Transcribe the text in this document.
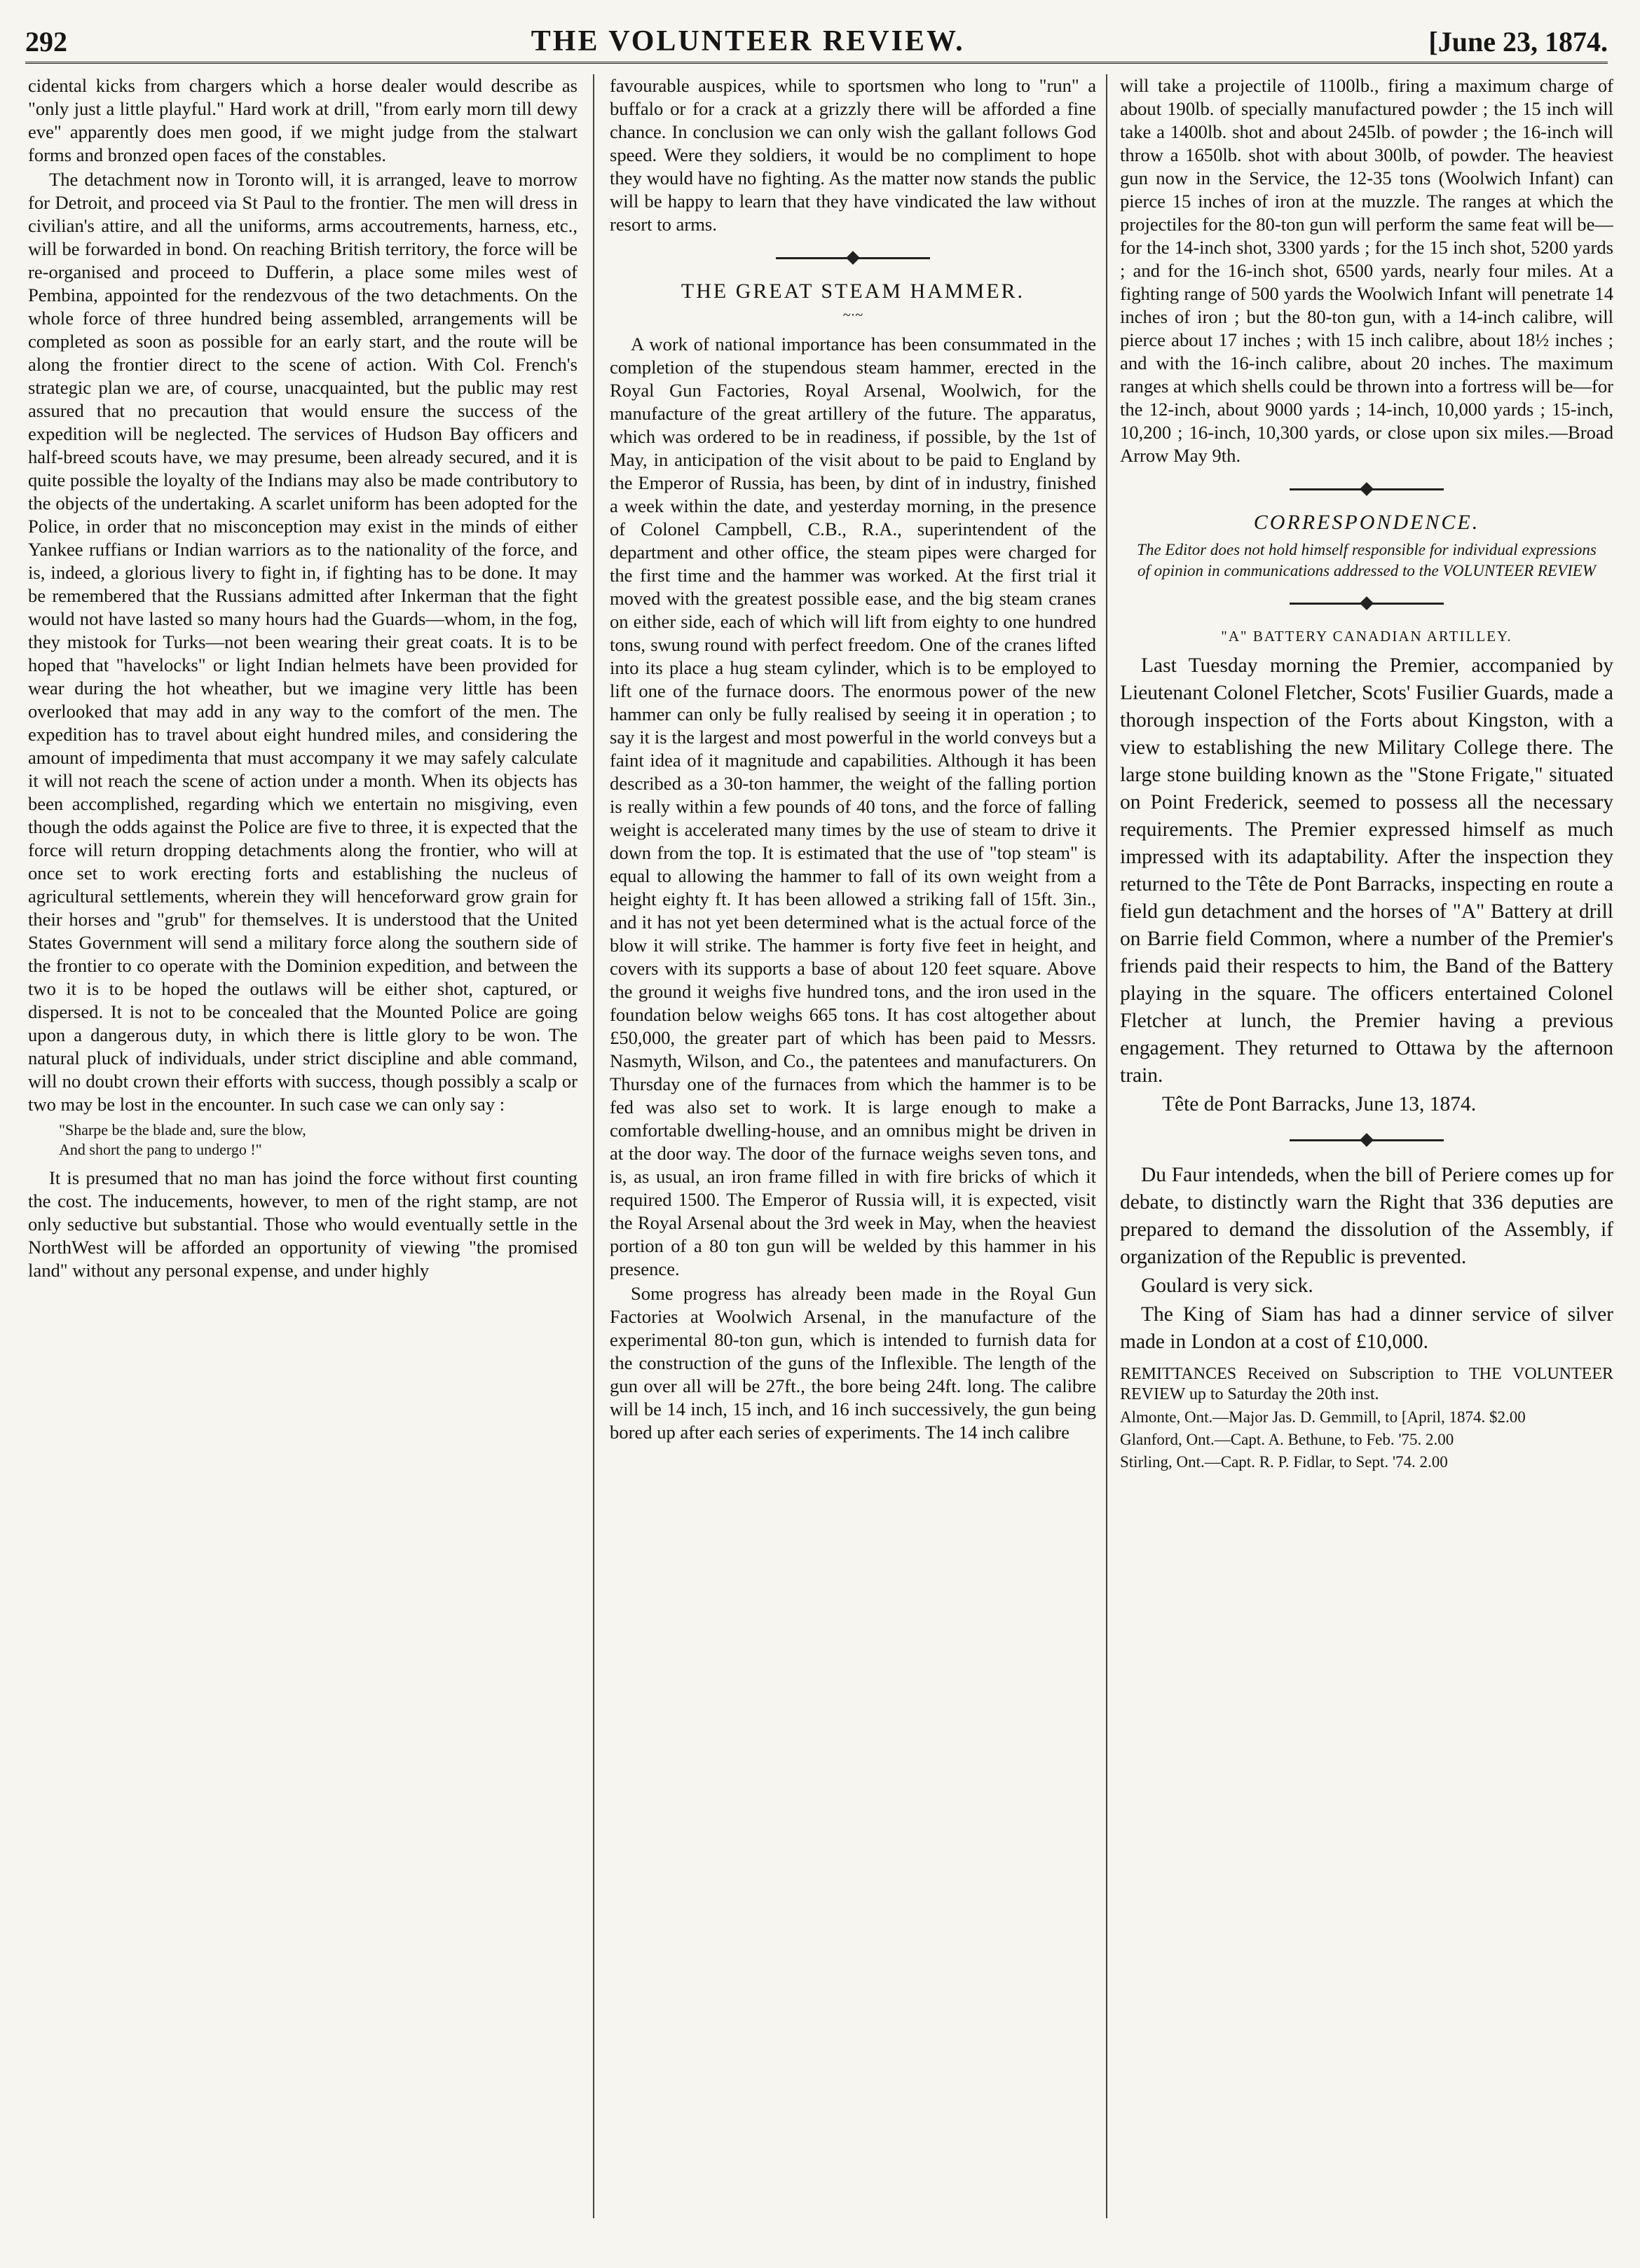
292	THE VOLUNTEER REVIEW.	[June 23, 1874.

cidental kicks from chargers which a horse dealer would describe as "only just a little playful." Hard work at drill, "from early morn till dewy eve" apparently does men good, if we might judge from the stalwart forms and bronzed open faces of the constables.

The detachment now in Toronto will, it is arranged, leave to morrow for Detroit, and proceed via St Paul to the frontier. The men will dress in civilian's attire, and all the uniforms, arms accoutrements, harness, etc., will be forwarded in bond. On reaching British territory, the force will be re-organised and proceed to Dufferin, a place some miles west of Pembina, appointed for the rendezvous of the two detachments. On the whole force of three hundred being assembled, arrangements will be completed as soon as possible for an early start, and the route will be along the frontier direct to the scene of action. With Col. French's strategic plan we are, of course, unacquainted, but the public may rest assured that no precaution that would ensure the success of the expedition will be neglected. The services of Hudson Bay officers and half-breed scouts have, we may presume, been already secured, and it is quite possible the loyalty of the Indians may also be made contributory to the objects of the undertaking. A scarlet uniform has been adopted for the Police, in order that no misconception may exist in the minds of either Yankee ruffians or Indian warriors as to the nationality of the force, and is, indeed, a glorious livery to fight in, if fighting has to be done. It may be remembered that the Russians admitted after Inkerman that the fight would not have lasted so many hours had the Guards—whom, in the fog, they mistook for Turks—not been wearing their great coats. It is to be hoped that "havelocks" or light Indian helmets have been provided for wear during the hot wheather, but we imagine very little has been overlooked that may add in any way to the comfort of the men. The expedition has to travel about eight hundred miles, and considering the amount of impedimenta that must accompany it we may safely calculate it will not reach the scene of action under a month. When its objects has been accomplished, regarding which we entertain no misgiving, even though the odds against the Police are five to three, it is expected that the force will return dropping detachments along the frontier, who will at once set to work erecting forts and establishing the nucleus of agricultural settlements, wherein they will henceforward grow grain for their horses and "grub" for themselves. It is understood that the United States Government will send a military force along the southern side of the frontier to co operate with the Dominion expedition, and between the two it is to be hoped the outlaws will be either shot, captured, or dispersed. It is not to be concealed that the Mounted Police are going upon a dangerous duty, in which there is little glory to be won. The natural pluck of individuals, under strict discipline and able command, will no doubt crown their efforts with success, though possibly a scalp or two may be lost in the encounter. In such case we can only say :

"Sharpe be the blade and, sure the blow,
And short the pang to undergo !"

It is presumed that no man has joind the force without first counting the cost. The inducements, however, to men of the right stamp, are not only seductive but substantial. Those who would eventually settle in the NorthWest will be afforded an opportunity of viewing "the promised land" without any personal expense, and under highly

favourable auspices, while to sportsmen who long to "run" a buffalo or for a crack at a grizzly there will be afforded a fine chance. In conclusion we can only wish the gallant follows God speed. Were they soldiers, it would be no compliment to hope they would have no fighting. As the matter now stands the public will be happy to learn that they have vindicated the law without resort to arms.

THE GREAT STEAM HAMMER.
~·~

A work of national importance has been consummated in the completion of the stupendous steam hammer, erected in the Royal Gun Factories, Royal Arsenal, Woolwich, for the manufacture of the great artillery of the future. The apparatus, which was ordered to be in readiness, if possible, by the 1st of May, in anticipation of the visit about to be paid to England by the Emperor of Russia, has been, by dint of in industry, finished a week within the date, and yesterday morning, in the presence of Colonel Campbell, C.B., R.A., superintendent of the department and other office, the steam pipes were charged for the first time and the hammer was worked. At the first trial it moved with the greatest possible ease, and the big steam cranes on either side, each of which will lift from eighty to one hundred tons, swung round with perfect freedom. One of the cranes lifted into its place a hug steam cylinder, which is to be employed to lift one of the furnace doors. The enormous power of the new hammer can only be fully realised by seeing it in operation ; to say it is the largest and most powerful in the world conveys but a faint idea of it magnitude and capabilities. Although it has been described as a 30-ton hammer, the weight of the falling portion is really within a few pounds of 40 tons, and the force of falling weight is accelerated many times by the use of steam to drive it down from the top. It is estimated that the use of "top steam" is equal to allowing the hammer to fall of its own weight from a height eighty ft. It has been allowed a striking fall of 15ft. 3in., and it has not yet been determined what is the actual force of the blow it will strike. The hammer is forty five feet in height, and covers with its supports a base of about 120 feet square. Above the ground it weighs five hundred tons, and the iron used in the foundation below weighs 665 tons. It has cost altogether about £50,000, the greater part of which has been paid to Messrs. Nasmyth, Wilson, and Co., the patentees and manufacturers. On Thursday one of the furnaces from which the hammer is to be fed was also set to work. It is large enough to make a comfortable dwelling-house, and an omnibus might be driven in at the door way. The door of the furnace weighs seven tons, and is, as usual, an iron frame filled in with fire bricks of which it required 1500. The Emperor of Russia will, it is expected, visit the Royal Arsenal about the 3rd week in May, when the heaviest portion of a 80 ton gun will be welded by this hammer in his presence.

Some progress has already been made in the Royal Gun Factories at Woolwich Arsenal, in the manufacture of the experimental 80-ton gun, which is intended to furnish data for the construction of the guns of the Inflexible. The length of the gun over all will be 27ft., the bore being 24ft. long. The calibre will be 14 inch, 15 inch, and 16 inch successively, the gun being bored up after each series of experiments. The 14 inch calibre

will take a projectile of 1100lb., firing a maximum charge of about 190lb. of specially manufactured powder ; the 15 inch will take a 1400lb. shot and about 245lb. of powder ; the 16-inch will throw a 1650lb. shot with about 300lb, of powder. The heaviest gun now in the Service, the 12-35 tons (Woolwich Infant) can pierce 15 inches of iron at the muzzle. The ranges at which the projectiles for the 80-ton gun will perform the same feat will be—for the 14-inch shot, 3300 yards ; for the 15 inch shot, 5200 yards ; and for the 16-inch shot, 6500 yards, nearly four miles. At a fighting range of 500 yards the Woolwich Infant will penetrate 14 inches of iron ; but the 80-ton gun, with a 14-inch calibre, will pierce about 17 inches ; with 15 inch calibre, about 18½ inches ; and with the 16-inch calibre, about 20 inches. The maximum ranges at which shells could be thrown into a fortress will be—for the 12-inch, about 9000 yards ; 14-inch, 10,000 yards ; 15-inch, 10,200 ; 16-inch, 10,300 yards, or close upon six miles.—Broad Arrow May 9th.

CORRESPONDENCE.
The Editor does not hold himself responsible for individual expressions of opinion in communications addressed to the VOLUNTEER REVIEW
"A" BATTERY CANADIAN ARTILLEY.

Last Tuesday morning the Premier, accompanied by Lieutenant Colonel Fletcher, Scots' Fusilier Guards, made a thorough inspection of the Forts about Kingston, with a view to establishing the new Military College there. The large stone building known as the "Stone Frigate," situated on Point Frederick, seemed to possess all the necessary requirements. The Premier expressed himself as much impressed with its adaptability. After the inspection they returned to the Tête de Pont Barracks, inspecting en route a field gun detachment and the horses of "A" Battery at drill on Barrie field Common, where a number of the Premier's friends paid their respects to him, the Band of the Battery playing in the square. The officers entertained Colonel Fletcher at lunch, the Premier having a previous engagement. They returned to Ottawa by the afternoon train.

Tête de Pont Barracks, June 13, 1874.

Du Faur intendeds, when the bill of Periere comes up for debate, to distinctly warn the Right that 336 deputies are prepared to demand the dissolution of the Assembly, if organization of the Republic is prevented.

Goulard is very sick.

The King of Siam has had a dinner service of silver made in London at a cost of £10,000.

REMITTANCES Received on Subscription to THE VOLUNTEER REVIEW up to Saturday the 20th inst.

Almonte, Ont.—Major Jas. D. Gemmill, to [April, 1874. $2.00

Glanford, Ont.—Capt. A. Bethune, to Feb. '75. 2.00

Stirling, Ont.—Capt. R. P. Fidlar, to Sept. '74. 2.00
